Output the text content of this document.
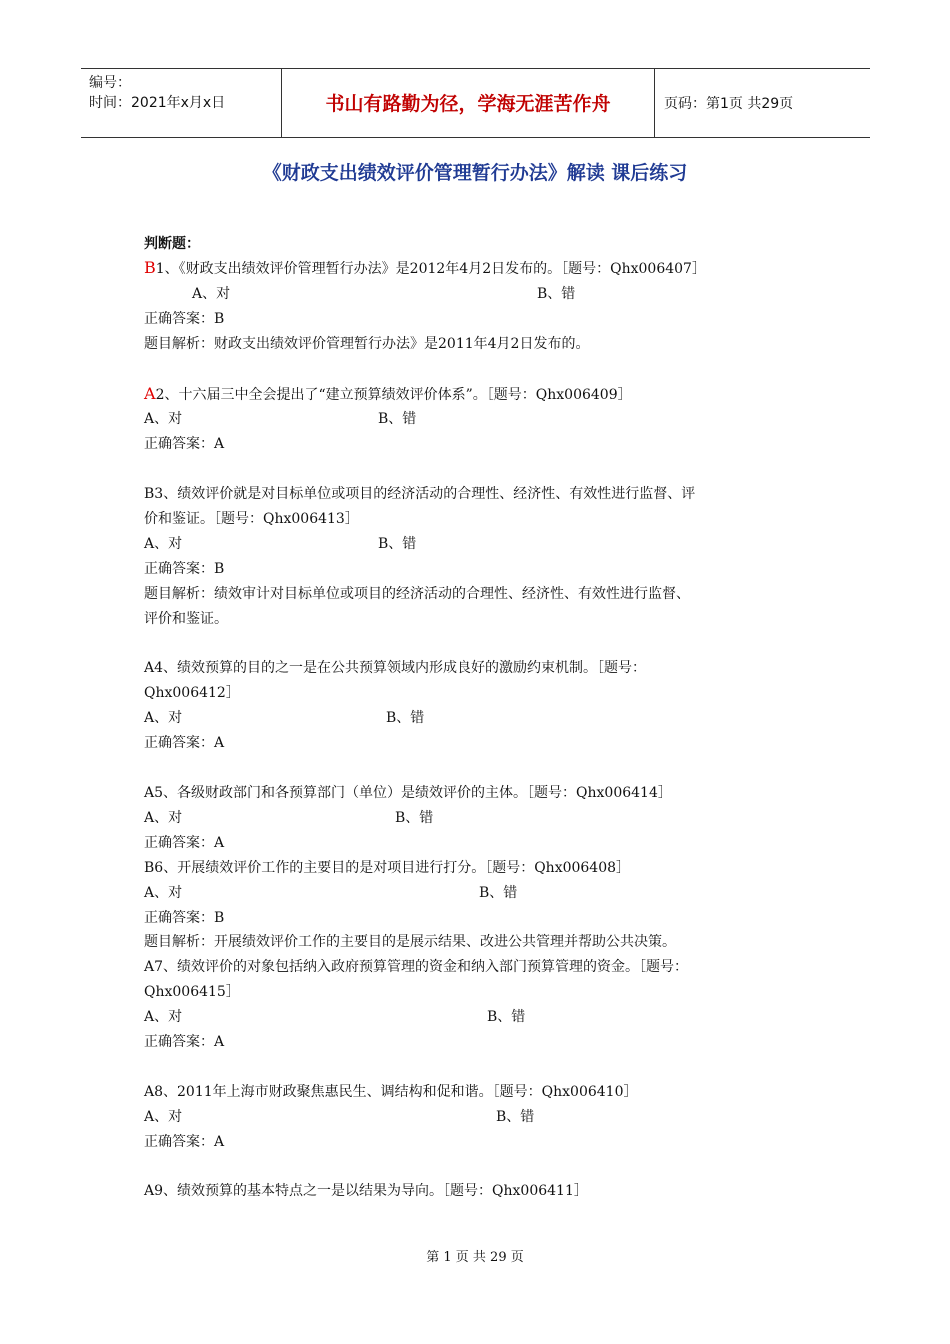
编号：
时间：2021年x月x日	书山有路勤为径，学海无涯苦作舟	页码：第1页 共29页
《财政支出绩效评价管理暂行办法》解读 课后练习
判断题：
B1、《财政支出绩效评价管理暂行办法》是2012年4月2日发布的。［题号：Qhx006407］
A、对	B、错
正确答案：B
题目解析：财政支出绩效评价管理暂行办法》是2011年4月2日发布的。
A2、十六届三中全会提出了“建立预算绩效评价体系”。［题号：Qhx006409］
A、对	B、错
正确答案：A
B3、绩效评价就是对目标单位或项目的经济活动的合理性、经济性、有效性进行监督、评
价和鉴证。［题号：Qhx006413］
A、对	B、错
正确答案：B
题目解析：绩效审计对目标单位或项目的经济活动的合理性、经济性、有效性进行监督、
评价和鉴证。
A4、绩效预算的目的之一是在公共预算领域内形成良好的激励约束机制。［题号：
Qhx006412］
A、对	B、错
正确答案：A
A5、各级财政部门和各预算部门（单位）是绩效评价的主体。［题号：Qhx006414］
A、对	B、错
正确答案：A
B6、开展绩效评价工作的主要目的是对项目进行打分。［题号：Qhx006408］
A、对	B、错
正确答案：B
题目解析：开展绩效评价工作的主要目的是展示结果、改进公共管理并帮助公共决策。
A7、绩效评价的对象包括纳入政府预算管理的资金和纳入部门预算管理的资金。［题号：
Qhx006415］
A、对	B、错
正确答案：A
A8、2011年上海市财政聚焦惠民生、调结构和促和谐。［题号：Qhx006410］
A、对	B、错
正确答案：A
A9、绩效预算的基本特点之一是以结果为导向。［题号：Qhx006411］
第 1 页 共 29 页
